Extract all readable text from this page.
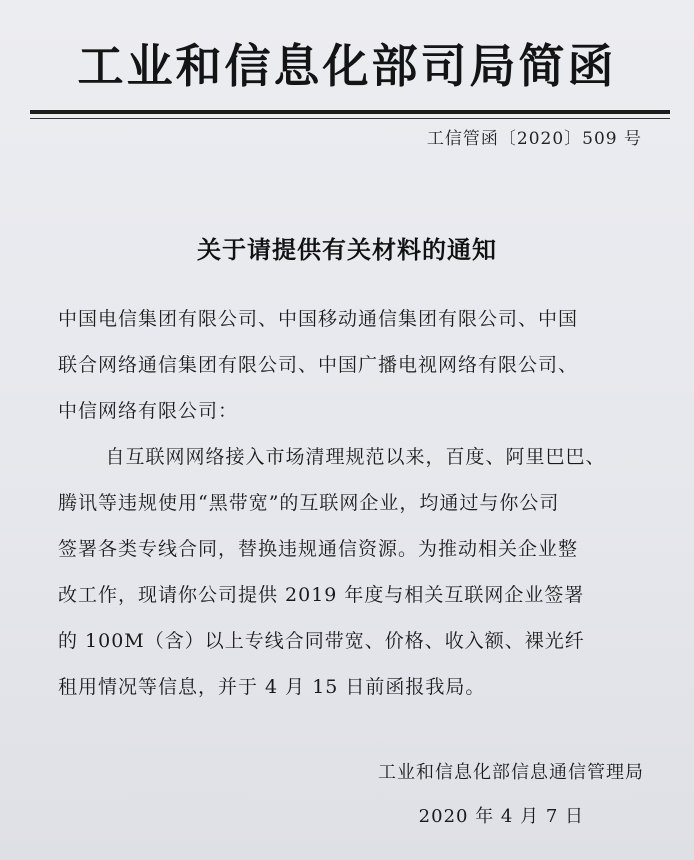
工业和信息化部司局简函
工信管函〔2020〕509 号
关于请提供有关材料的通知

中国电信集团有限公司、中国移动通信集团有限公司、中国

联合网络通信集团有限公司、中国广播电视网络有限公司、

中信网络有限公司：

自互联网网络接入市场清理规范以来，百度、阿里巴巴、

腾讯等违规使用“黑带宽”的互联网企业，均通过与你公司

签署各类专线合同，替换违规通信资源。为推动相关企业整

改工作，现请你公司提供 2019 年度与相关互联网企业签署

的 100M（含）以上专线合同带宽、价格、收入额、裸光纤

租用情况等信息，并于 4 月 15 日前函报我局。

工业和信息化部信息通信管理局
2020 年 4 月 7 日
